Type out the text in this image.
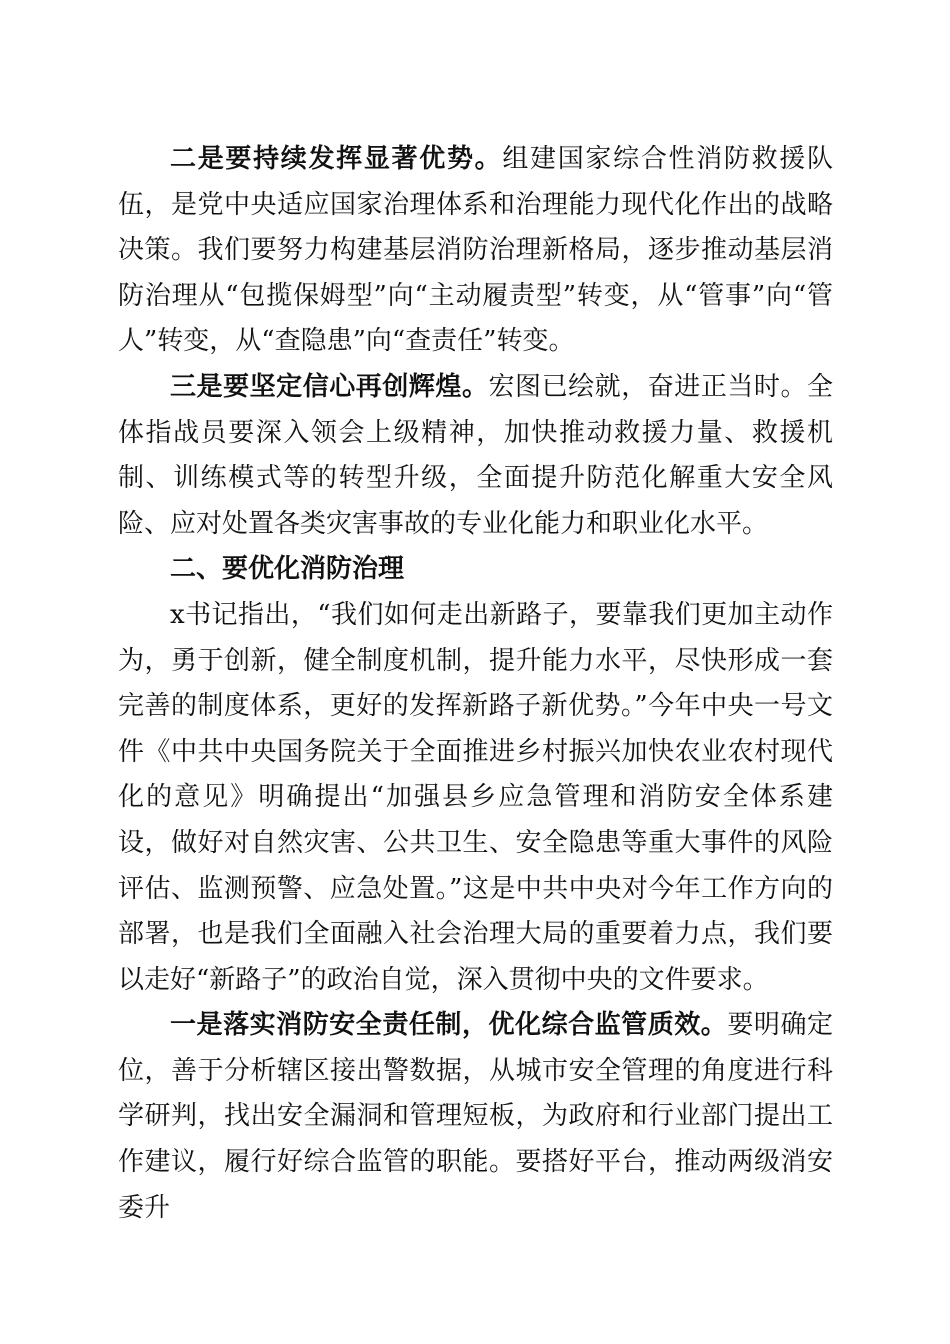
二是要持续发挥显著优势。组建国家综合性消防救援队伍，是党中央适应国家治理体系和治理能力现代化作出的战略决策。我们要努力构建基层消防治理新格局，逐步推动基层消防治理从“包揽保姆型”向“主动履责型”转变，从“管事”向“管人”转变，从“查隐患”向“查责任”转变。

三是要坚定信心再创辉煌。宏图已绘就，奋进正当时。全体指战员要深入领会上级精神，加快推动救援力量、救援机制、训练模式等的转型升级，全面提升防范化解重大安全风险、应对处置各类灾害事故的专业化能力和职业化水平。

二、要优化消防治理

x书记指出，“我们如何走出新路子，要靠我们更加主动作为，勇于创新，健全制度机制，提升能力水平，尽快形成一套完善的制度体系，更好的发挥新路子新优势。”今年中央一号文件《中共中央国务院关于全面推进乡村振兴加快农业农村现代化的意见》明确提出“加强县乡应急管理和消防安全体系建设，做好对自然灾害、公共卫生、安全隐患等重大事件的风险评估、监测预警、应急处置。”这是中共中央对今年工作方向的部署，也是我们全面融入社会治理大局的重要着力点，我们要以走好“新路子”的政治自觉，深入贯彻中央的文件要求。

一是落实消防安全责任制，优化综合监管质效。要明确定位，善于分析辖区接出警数据，从城市安全管理的角度进行科学研判，找出安全漏洞和管理短板，为政府和行业部门提出工作建议，履行好综合监管的职能。要搭好平台，推动两级消安委升
